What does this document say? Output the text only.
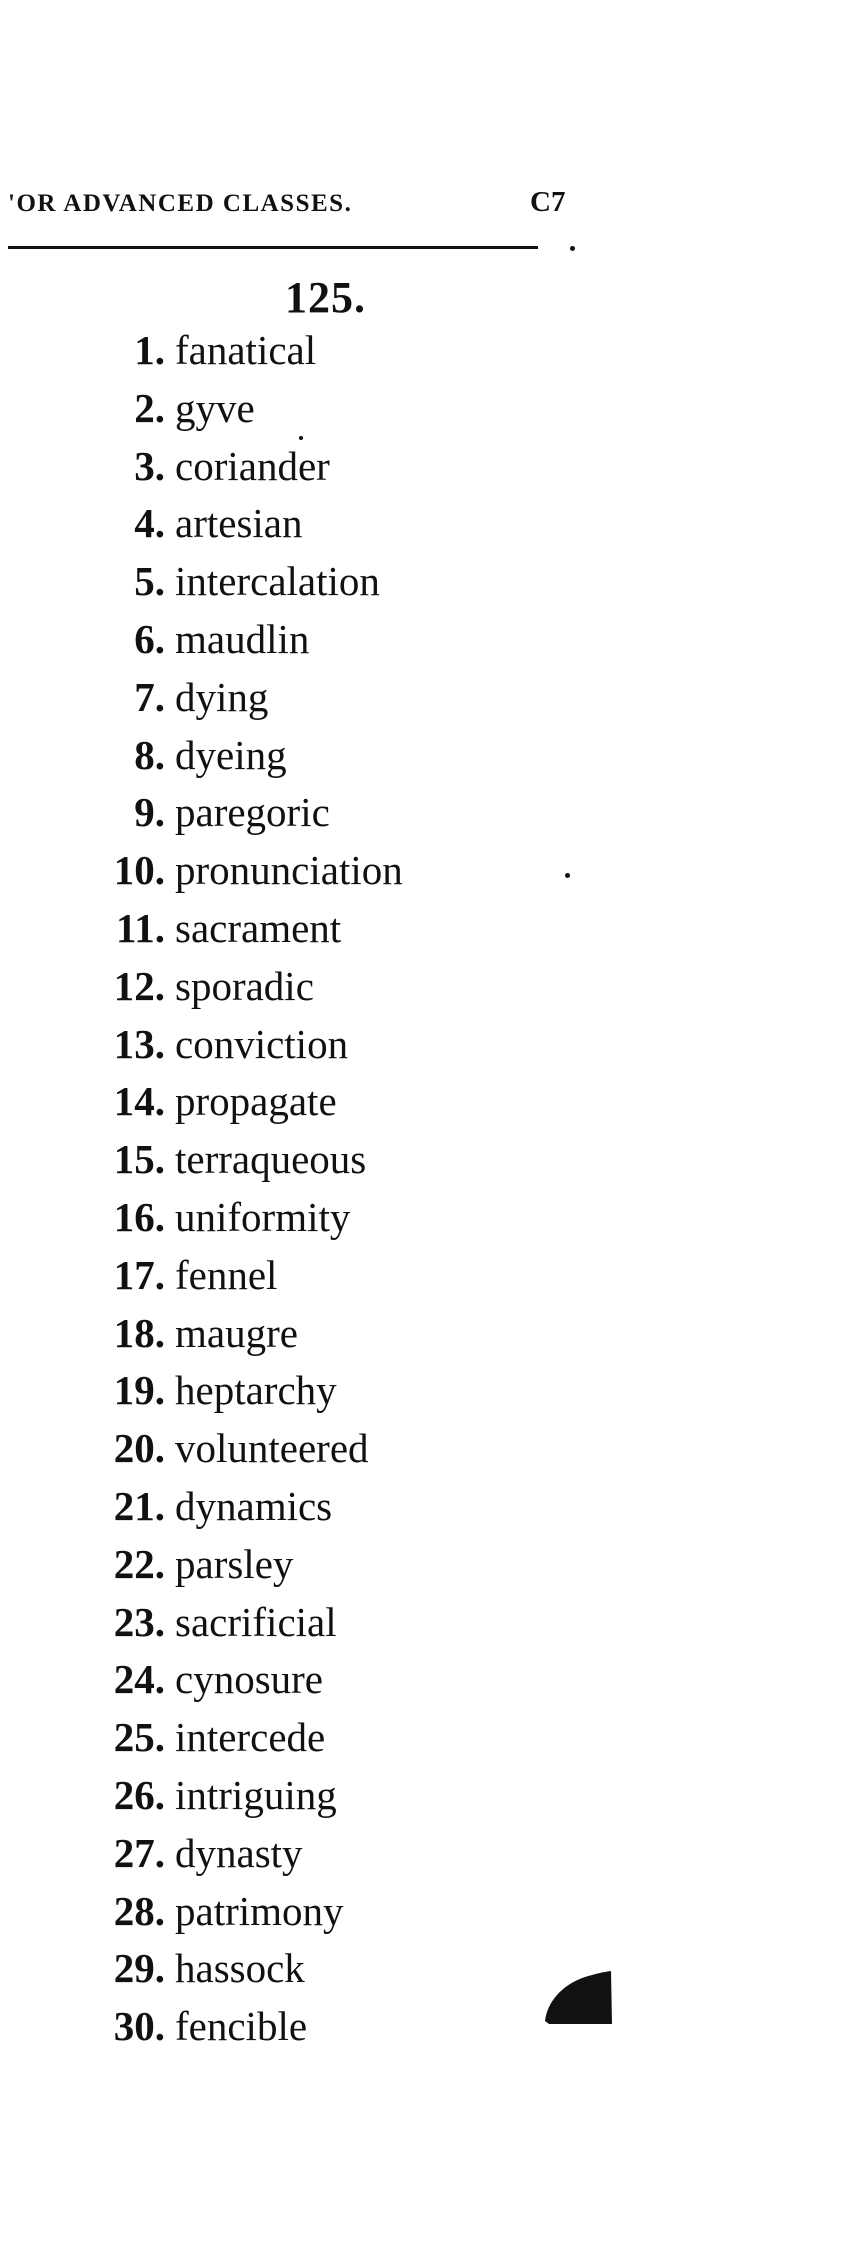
'OR ADVANCED CLASSES.	C7
125.
1. fanatical
2. gyve
3. coriander
4. artesian
5. intercalation
6. maudlin
7. dying
8. dyeing
9. paregoric
10. pronunciation
11. sacrament
12. sporadic
13. conviction
14. propagate
15. terraqueous
16. uniformity
17. fennel
18. maugre
19. heptarchy
20. volunteered
21. dynamics
22. parsley
23. sacrificial
24. cynosure
25. intercede
26. intriguing
27. dynasty
28. patrimony
29. hassock
30. fencible
